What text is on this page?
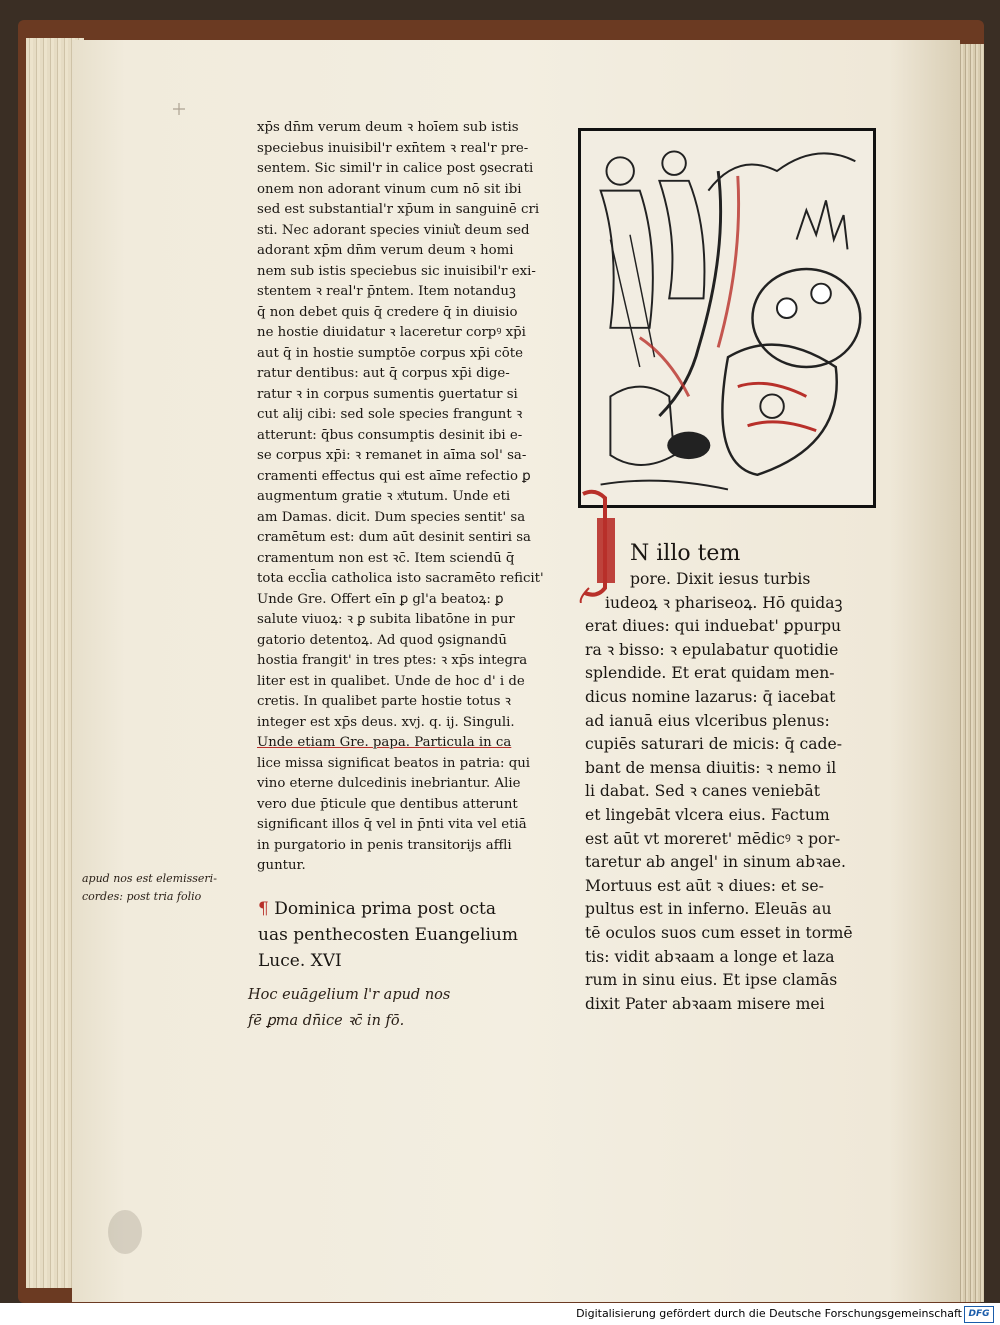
xp̄s dn̄m verum deum ꝛ hoīem sub istis
speciebus inuisibil'r exn̄tem ꝛ real'r pre-
sentem. Sic simil'r in calice post ꝯsecrati
onem non adorant vinum cum nō sit ibi
sed est substantial'r xp̄um in sanguinē cri
sti. Nec adorant species viniu͛t deum sed
adorant xp̄m dn̄m verum deum ꝛ homi
nem sub istis speciebus sic inuisibil'r exi-
stentem ꝛ real'r p̄ntem. Item notanduꝫ
q̄ non debet quis q̄ credere q̄ in diuisio
ne hostie diuidatur ꝛ laceretur corpꝰ xp̄i
aut q̄ in hostie sumptōe corpus xp̄i cōte
ratur dentibus: aut q̄ corpus xp̄i dige-
ratur ꝛ in corpus sumentis ꝯuertatur si
cut alij cibi: sed sole species frangunt ꝛ
atterunt: q̄bus consumptis desinit ibi e-
se corpus xp̄i: ꝛ remanet in aīma sol' sa-
cramenti effectus qui est aīme refectio ꝑ
augmentum gratie ꝛ xͥtutum. Unde eti
am Damas. dicit. Dum species sentit' sa
cramētum est: dum aūt desinit sentiri sa
cramentum non est ꝛc̄. Item sciendū q̄
tota eccl̄ia catholica isto sacramēto reficit'
Unde Gre. Offert eīn ꝑ gl'a beatoꝝ: ꝑ
salute viuoꝝ: ꝛ ꝑ subita libatōne in pur
gatorio detentoꝝ. Ad quod ꝯsignandū
hostia frangit' in tres ptes: ꝛ xp̄s integra
liter est in qualibet. Unde de hoc d' i de
cretis. In qualibet parte hostie totus ꝛ
integer est xp̄s deus. xvj. q. ij. Singuli.
Unde etiam Gre. papa. Particula in ca
lice missa significat beatos in patria: qui
vino eterne dulcedinis inebriantur. Alie
vero due p̄ticule que dentibus atterunt
significant illos q̄ vel in p̄nti vita vel etiā
in purgatorio in penis transitorijs affli
guntur.
N illo tem
pore. Dixit iesus turbis
iudeoꝝ ꝛ phariseoꝝ. Hō quidaꝫ
erat diues: qui induebat' ꝑpurpu
ra ꝛ bisso: ꝛ epulabatur quotidie
splendide. Et erat quidam men-
dicus nomine lazarus: q̄ iacebat
ad ianuā eius vlceribus plenus:
cupiēs saturari de micis: q̄ cade-
bant de mensa diuitis: ꝛ nemo il
li dabat. Sed ꝛ canes veniebāt
et lingebāt vlcera eius. Factum
est aūt vt moreret' mēdicꝰ ꝛ por-
taretur ab angel' in sinum abꝛae.
Mortuus est aūt ꝛ diues: et se-
pultus est in inferno. Eleuās au
tē oculos suos cum esset in tormē
tis: vidit abꝛaam a longe et laza
rum in sinu eius. Et ipse clamās
dixit Pater abꝛaam misere mei
¶ Dominica prima post octa
uas penthecosten Euangelium
Luce. XVI
apud nos est elemisseri-
cordes: post tria folio
Hoc euāgelium l'r apud nos
fē ꝑma dn̄ice ꝛc̄ in fō.
Digitalisierung gefördert durch die Deutsche Forschungsgemeinschaft DFG
